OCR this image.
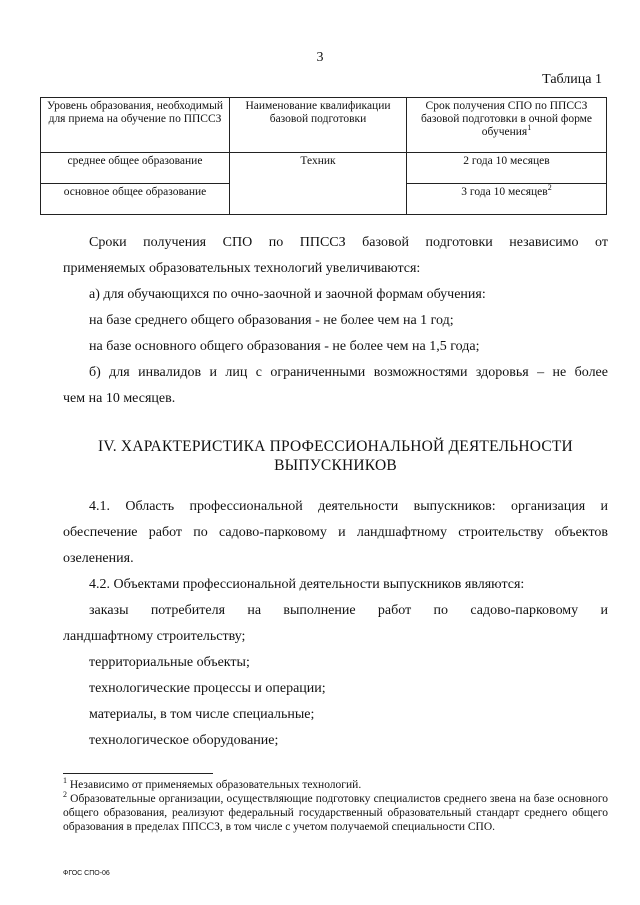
3
Таблица 1
Уровень образования, необходимый для приема на обучение по ППССЗ	Наименование квалификации базовой подготовки	Срок получения СПО по ППССЗ базовой подготовки в очной форме обучения$^1$
среднее общее образование	Техник	2 года 10 месяцев
основное общее образование		3 года 10 месяцев$^2$

Сроки получения СПО по ППССЗ базовой подготовки независимо от

применяемых образовательных технологий увеличиваются:

а) для обучающихся по очно-заочной и заочной формам обучения:

на базе среднего общего образования - не более чем на 1 год;

на базе основного общего образования - не более чем на 1,5 года;

б) для инвалидов и лиц с ограниченными возможностями здоровья – не более

чем на 10 месяцев.

IV. ХАРАКТЕРИСТИКА ПРОФЕССИОНАЛЬНОЙ ДЕЯТЕЛЬНОСТИ
ВЫПУСКНИКОВ

4.1. Область профессиональной деятельности выпускников: организация и

обеспечение работ по садово-парковому и ландшафтному строительству объектов

озеленения.

4.2. Объектами профессиональной деятельности выпускников являются:

заказы потребителя на выполнение работ по садово-парковому и

ландшафтному строительству;

территориальные объекты;

технологические процессы и операции;

материалы, в том числе специальные;

технологическое оборудование;

$^1$ Независимо от применяемых образовательных технологий.

$^2$ Образовательные организации, осуществляющие подготовку специалистов среднего звена на базе основного общего образования, реализуют федеральный государственный образовательный стандарт среднего общего образования в пределах ППССЗ, в том числе с учетом получаемой специальности СПО.

ФГОС СПО-06
